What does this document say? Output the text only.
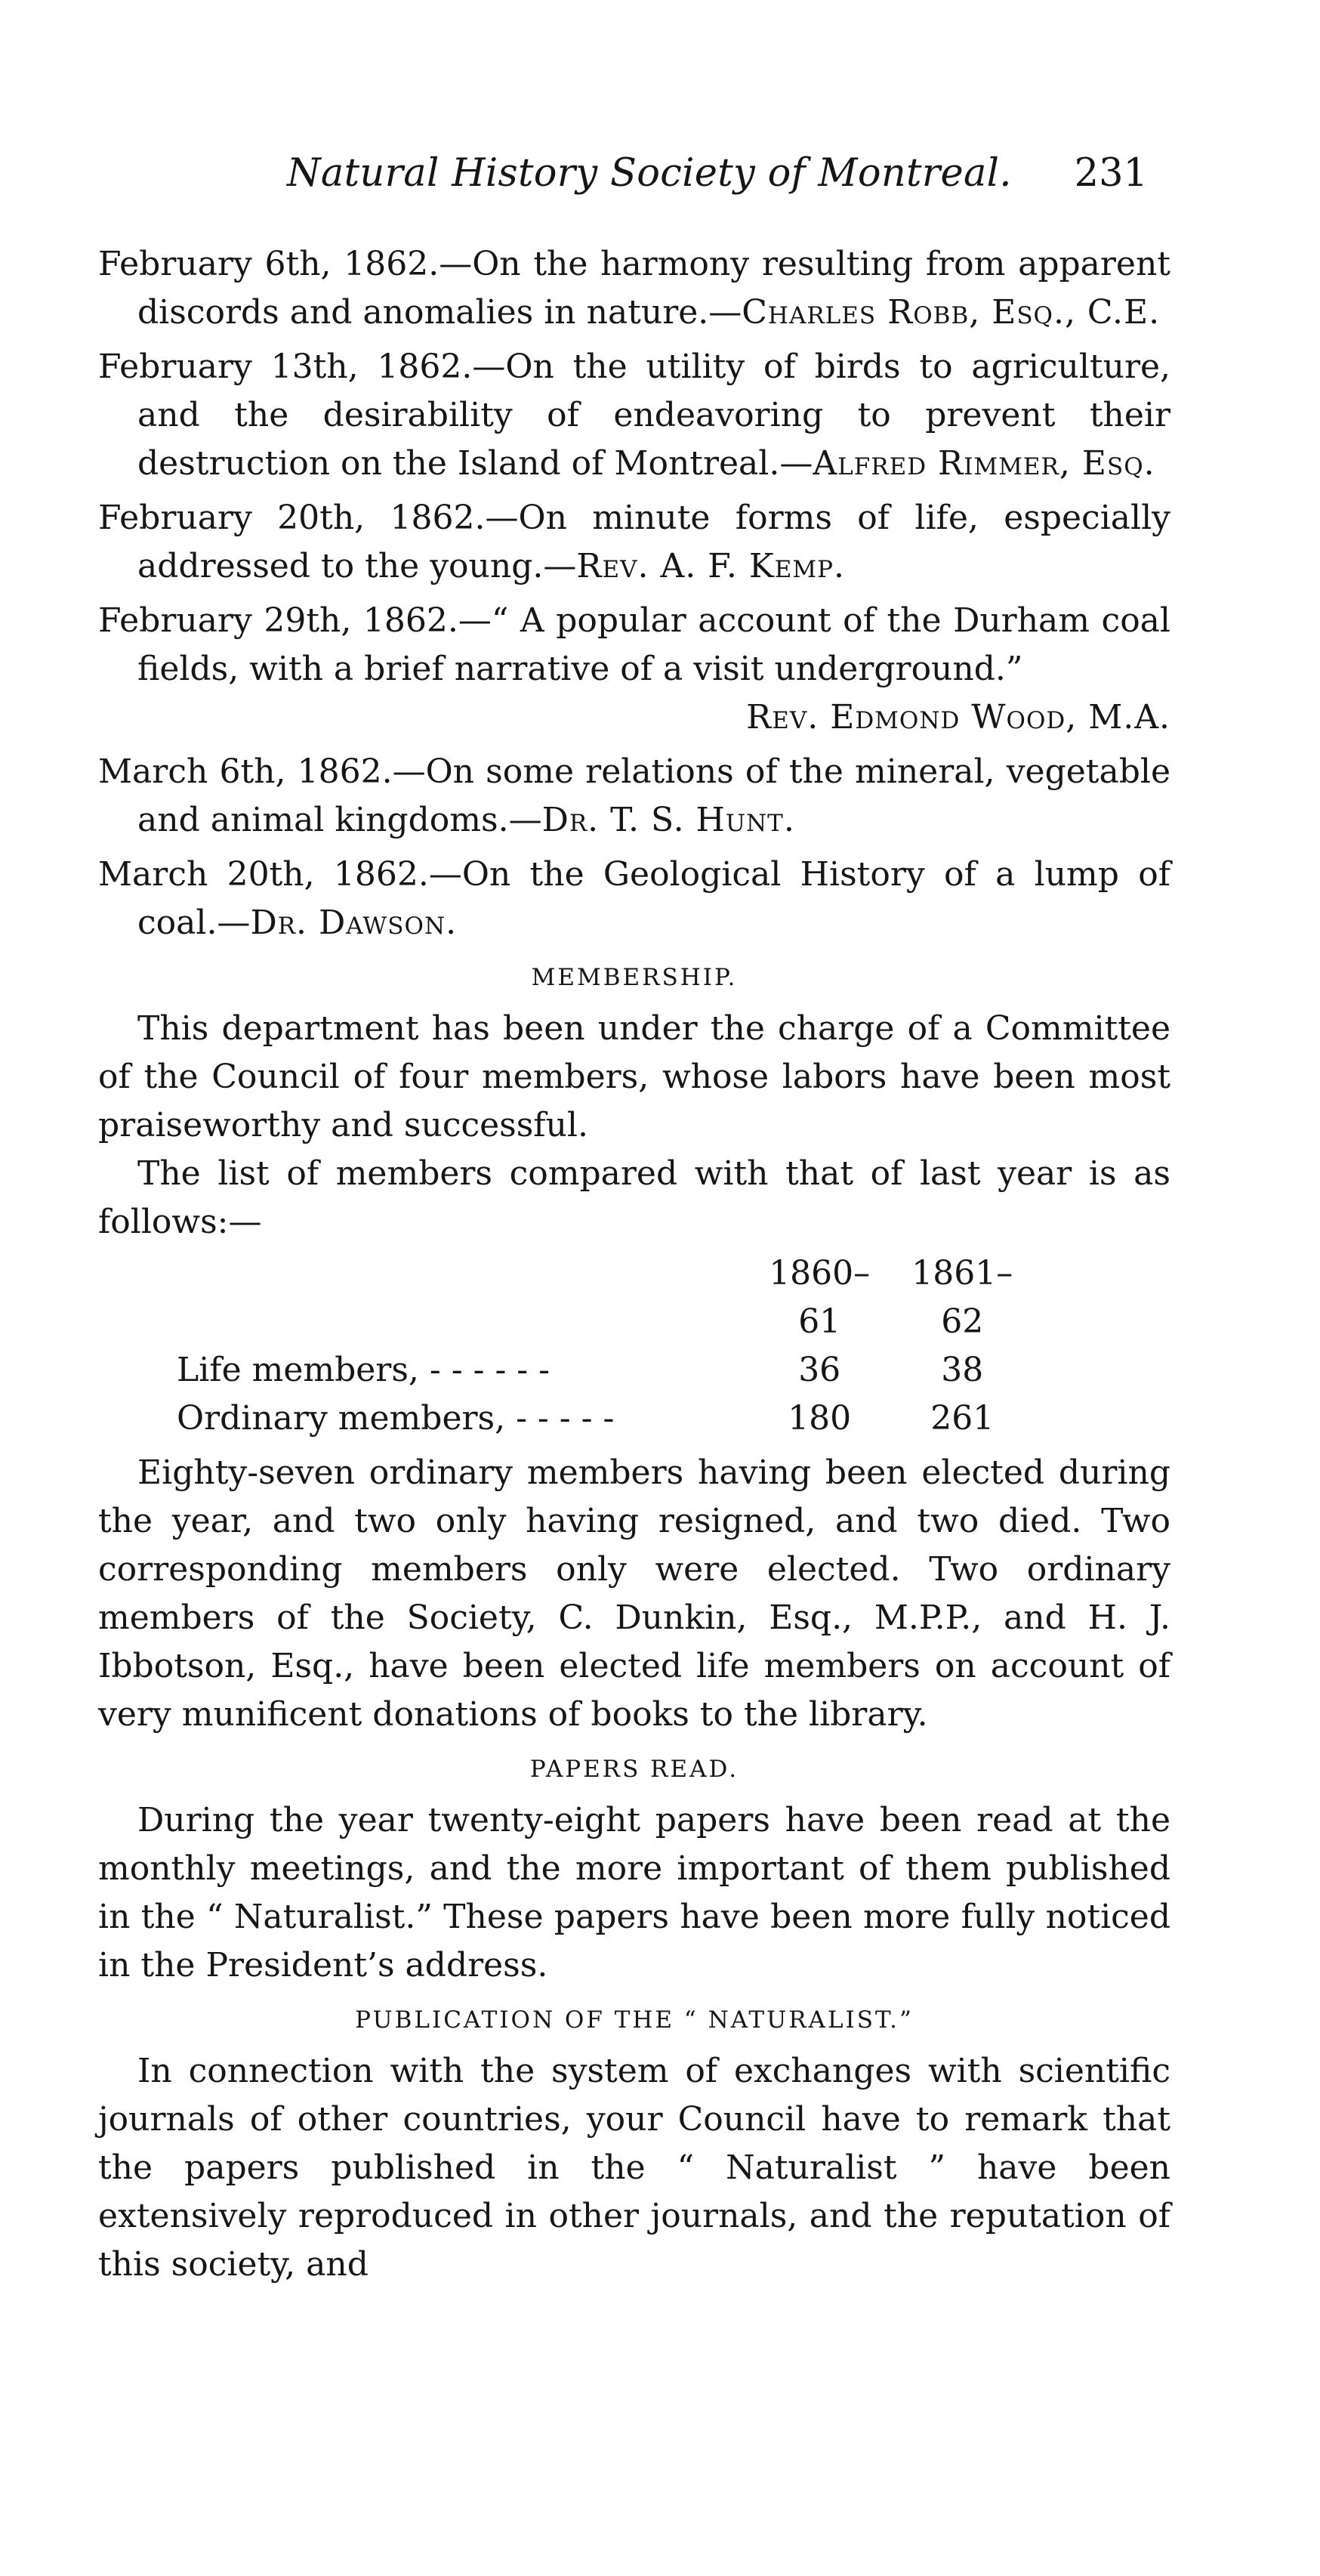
Natural History Society of Montreal. 231

February 6th, 1862.—On the harmony resulting from apparent discords and anomalies in nature.—Charles Robb, Esq., C.E.

February 13th, 1862.—On the utility of birds to agriculture, and the desirability of endeavoring to prevent their destruction on the Island of Montreal.—Alfred Rimmer, Esq.

February 20th, 1862.—On minute forms of life, especially addressed to the young.—Rev. A. F. Kemp.

February 29th, 1862.—“ A popular account of the Durham coal fields, with a brief narrative of a visit underground.”

Rev. Edmond Wood, M.A.

March 6th, 1862.—On some relations of the mineral, vegetable and animal kingdoms.—Dr. T. S. Hunt.

March 20th, 1862.—On the Geological History of a lump of coal.—Dr. Dawson.

MEMBERSHIP.

This department has been under the charge of a Committee of the Council of four members, whose labors have been most praiseworthy and successful.

The list of members compared with that of last year is as follows:—

	1860–61	1861–62	
Life members, - - - - - -	36	38	
Ordinary members, - - - - -	180	261	

Eighty-seven ordinary members having been elected during the year, and two only having resigned, and two died. Two corresponding members only were elected. Two ordinary members of the Society, C. Dunkin, Esq., M.P.P., and H. J. Ibbotson, Esq., have been elected life members on account of very munificent donations of books to the library.

PAPERS READ.

During the year twenty-eight papers have been read at the monthly meetings, and the more important of them published in the “ Naturalist.” These papers have been more fully noticed in the President’s address.

PUBLICATION OF THE “ NATURALIST.”

In connection with the system of exchanges with scientific journals of other countries, your Council have to remark that the papers published in the “ Naturalist ” have been extensively reproduced in other journals, and the reputation of this society, and
